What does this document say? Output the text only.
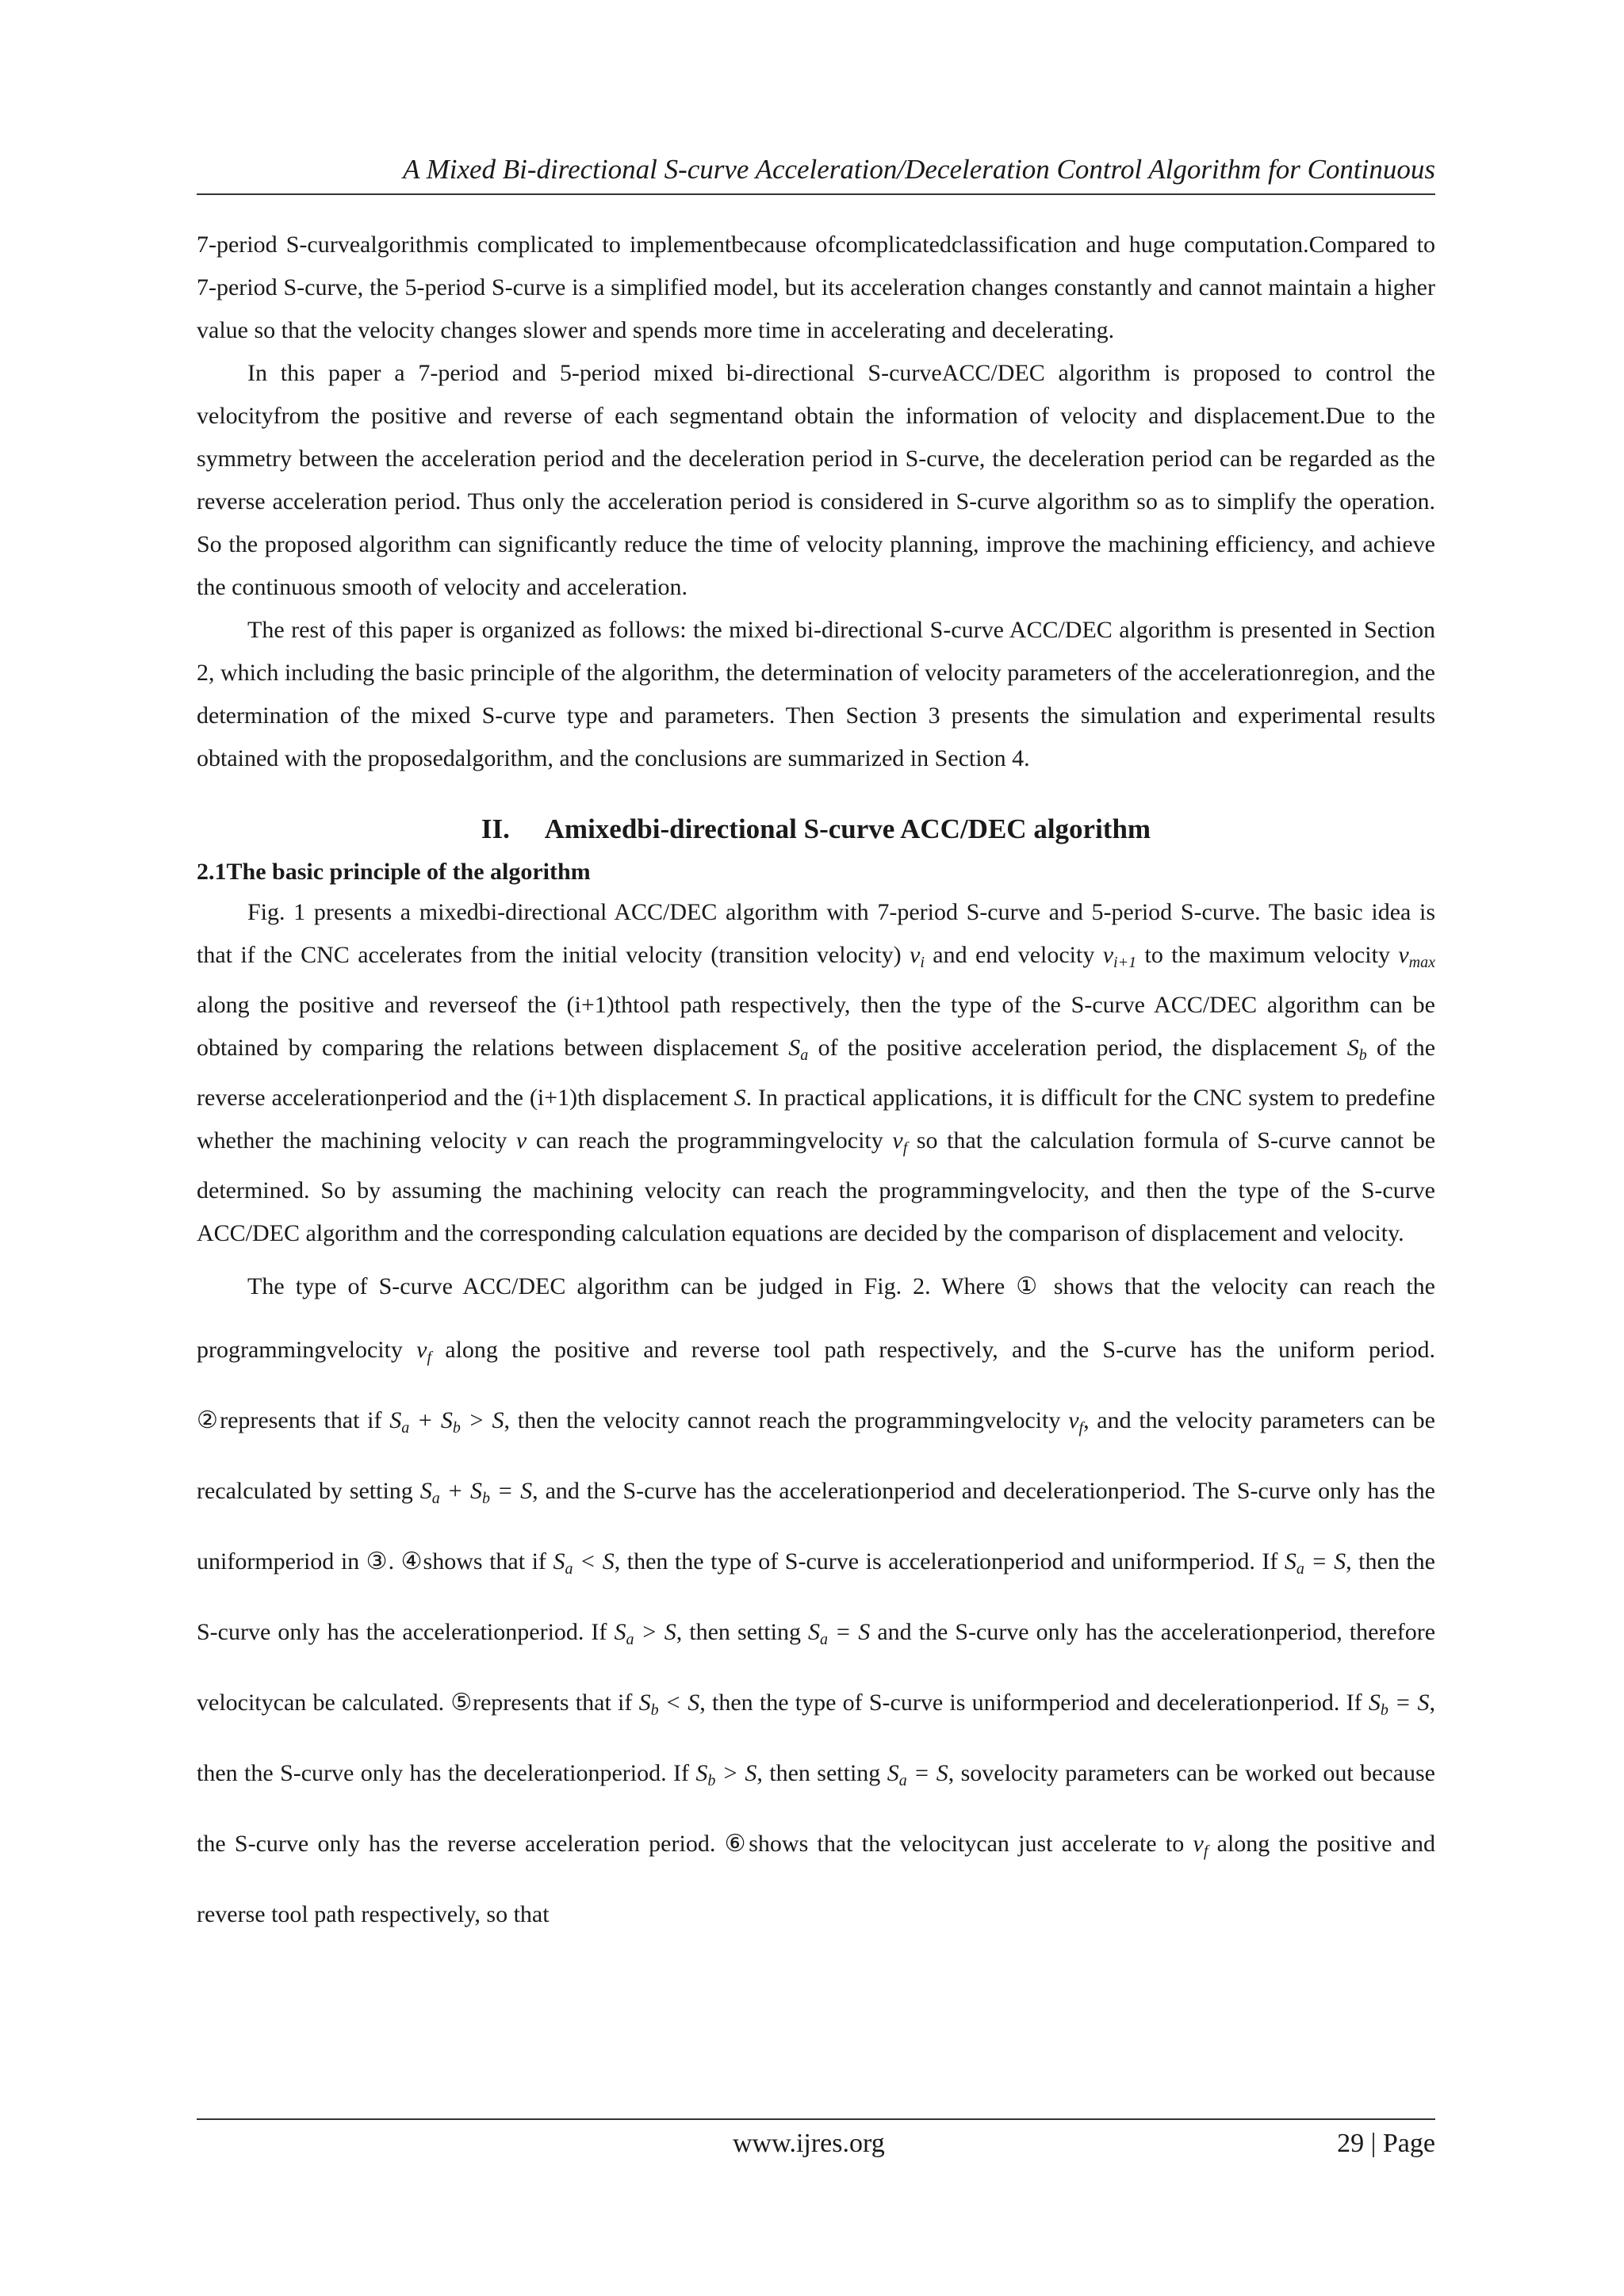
A Mixed Bi-directional S-curve Acceleration/Deceleration Control Algorithm for Continuous

7-period S-curvealgorithmis complicated to implementbecause ofcomplicatedclassification and huge computation.Compared to 7-period S-curve, the 5-period S-curve is a simplified model, but its acceleration changes constantly and cannot maintain a higher value so that the velocity changes slower and spends more time in accelerating and decelerating.

In this paper a 7-period and 5-period mixed bi-directional S-curveACC/DEC algorithm is proposed to control the velocityfrom the positive and reverse of each segmentand obtain the information of velocity and displacement.Due to the symmetry between the acceleration period and the deceleration period in S-curve, the deceleration period can be regarded as the reverse acceleration period. Thus only the acceleration period is considered in S-curve algorithm so as to simplify the operation. So the proposed algorithm can significantly reduce the time of velocity planning, improve the machining efficiency, and achieve the continuous smooth of velocity and acceleration.

The rest of this paper is organized as follows: the mixed bi-directional S-curve ACC/DEC algorithm is presented in Section 2, which including the basic principle of the algorithm, the determination of velocity parameters of the accelerationregion, and the determination of the mixed S-curve type and parameters. Then Section 3 presents the simulation and experimental results obtained with the proposedalgorithm, and the conclusions are summarized in Section 4.

II. Amixedbi-directional S-curve ACC/DEC algorithm
2.1The basic principle of the algorithm

Fig. 1 presents a mixedbi-directional ACC/DEC algorithm with 7-period S-curve and 5-period S-curve. The basic idea is that if the CNC accelerates from the initial velocity (transition velocity) $v_i$ and end velocity $v_{i+1}$ to the maximum velocity $v_{max}$ along the positive and reverseof the (i+1)thtool path respectively, then the type of the S-curve ACC/DEC algorithm can be obtained by comparing the relations between displacement $S_a$ of the positive acceleration period, the displacement $S_b$ of the reverse accelerationperiod and the (i+1)th displacement S. In practical applications, it is difficult for the CNC system to predefine whether the machining velocity v can reach the programmingvelocity $v_f$ so that the calculation formula of S-curve cannot be determined. So by assuming the machining velocity can reach the programmingvelocity, and then the type of the S-curve ACC/DEC algorithm and the corresponding calculation equations are decided by the comparison of displacement and velocity.

The type of S-curve ACC/DEC algorithm can be judged in Fig. 2. Where ① shows that the velocity can reach the programmingvelocity $v_f$ along the positive and reverse tool path respectively, and the S-curve has the uniform period. ②represents that if $S_a + S_b > S$, then the velocity cannot reach the programmingvelocity $v_f$, and the velocity parameters can be recalculated by setting $S_a + S_b = S$, and the S-curve has the accelerationperiod and decelerationperiod. The S-curve only has the uniformperiod in ③. ④shows that if $S_a < S$, then the type of S-curve is accelerationperiod and uniformperiod. If $S_a = S$, then the S-curve only has the accelerationperiod. If $S_a > S$, then setting $S_a = S$ and the S-curve only has the accelerationperiod, therefore velocitycan be calculated. ⑤represents that if $S_b < S$, then the type of S-curve is uniformperiod and decelerationperiod. If $S_b = S$, then the S-curve only has the decelerationperiod. If $S_b > S$, then setting $S_a = S$, sovelocity parameters can be worked out because the S-curve only has the reverse acceleration period. ⑥shows that the velocitycan just accelerate to $v_f$ along the positive and reverse tool path respectively, so that

www.ijres.org	29 | Page
